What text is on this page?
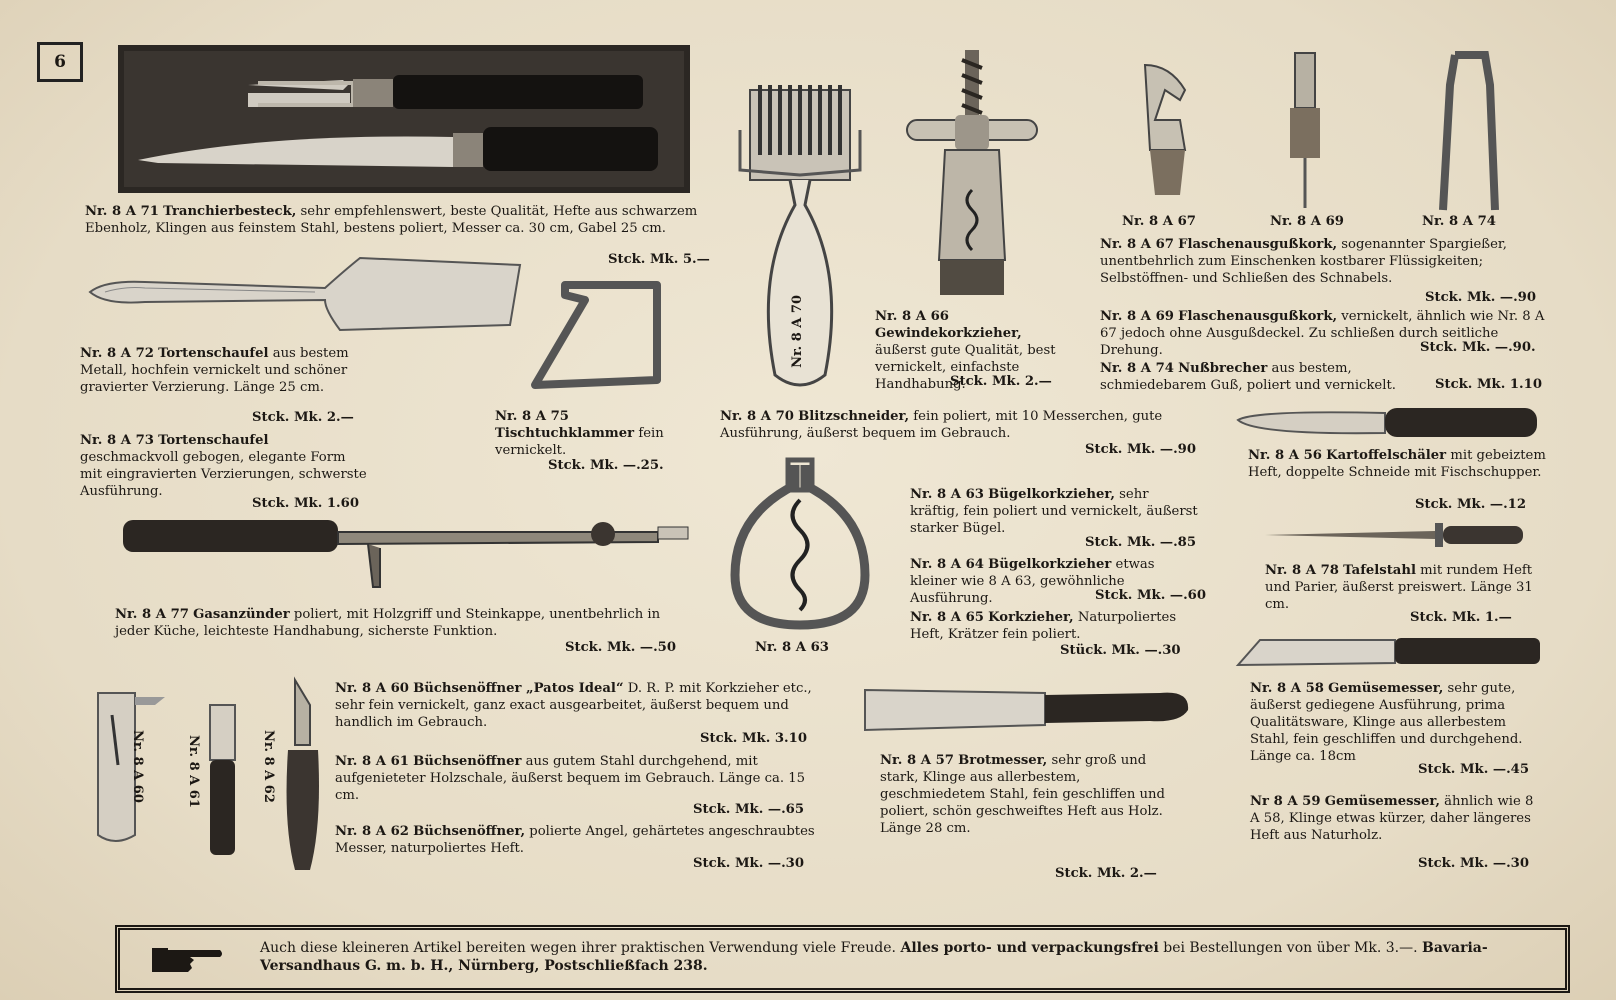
6
Nr. 8 A 70
Nr. 8 A 67	Nr. 8 A 69	Nr. 8 A 74
Nr. 8 A 63
Nr. 8 A 60	Nr. 8 A 61	Nr. 8 A 62
Nr. 8 A 71 Tranchierbesteck, sehr empfehlenswert, beste Qualität, Hefte aus schwarzem Ebenholz, Klingen aus feinstem Stahl, bestens poliert, Messer ca. 30 cm, Gabel 25 cm.
Stck. Mk. 5.—
Nr. 8 A 72 Tortenschaufel aus bestem Metall, hochfein vernickelt und schöner gravierter Verzierung. Länge 25 cm.
Stck. Mk. 2.—
Nr. 8 A 73 Tortenschaufel geschmackvoll gebogen, elegante Form mit eingravierten Verzierungen, schwerste Ausführung.
Stck. Mk. 1.60
Nr. 8 A 75 Tischtuchklammer fein vernickelt.
Stck. Mk. —.25.
Nr. 8 A 70 Blitzschneider, fein poliert, mit 10 Messerchen, gute Ausführung, äußerst bequem im Gebrauch.
Stck. Mk. —.90
Nr. 8 A 66 Gewindekorkzieher, äußerst gute Qualität, best vernickelt, einfachste Handhabung.
Stck. Mk. 2.—
Nr. 8 A 67 Flaschenausgußkork, sogenannter Spargießer, unentbehrlich zum Einschenken kostbarer Flüssigkeiten; Selbstöffnen- und Schließen des Schnabels.
Stck. Mk. —.90
Nr. 8 A 69 Flaschenausgußkork, vernickelt, ähnlich wie Nr. 8 A 67 jedoch ohne Ausgußdeckel. Zu schließen durch seitliche Drehung.	Stck. Mk. —.90.
Nr. 8 A 74 Nußbrecher aus bestem, schmiedebarem Guß, poliert und vernickelt.	Stck. Mk. 1.10
Nr. 8 A 56 Kartoffelschäler mit gebeiztem Heft, doppelte Schneide mit Fischschupper.
Stck. Mk. —.12
Nr. 8 A 63 Bügelkorkzieher, sehr kräftig, fein poliert und vernickelt, äußerst starker Bügel.
Stck. Mk. —.85
Nr. 8 A 64 Bügelkorkzieher etwas kleiner wie 8 A 63, gewöhnliche Ausführung.	Stck. Mk. —.60
Nr. 8 A 65 Korkzieher, Naturpoliertes Heft, Krätzer fein poliert.
Stück. Mk. —.30
Nr. 8 A 77 Gasanzünder poliert, mit Holzgriff und Steinkappe, unentbehrlich in jeder Küche, leichteste Handhabung, sicherste Funktion.
Stck. Mk. —.50
Nr. 8 A 78 Tafelstahl mit rundem Heft und Parier, äußerst preiswert. Länge 31 cm.
Stck. Mk. 1.—
Nr. 8 A 60 Büchsenöffner „Patos Ideal“ D. R. P. mit Korkzieher etc., sehr fein vernickelt, ganz exact ausgearbeitet, äußerst bequem und handlich im Gebrauch.
Stck. Mk. 3.10
Nr. 8 A 61 Büchsenöffner aus gutem Stahl durchgehend, mit aufgenieteter Holzschale, äußerst bequem im Gebrauch. Länge ca. 15 cm.
Stck. Mk. —.65
Nr. 8 A 62 Büchsenöffner, polierte Angel, gehärtetes angeschraubtes Messer, naturpoliertes Heft.
Stck. Mk. —.30
Nr. 8 A 57 Brotmesser, sehr groß und stark, Klinge aus allerbestem, geschmiedetem Stahl, fein geschliffen und poliert, schön geschweiftes Heft aus Holz. Länge 28 cm.
Stck. Mk. 2.—
Nr. 8 A 58 Gemüsemesser, sehr gute, äußerst gediegene Ausführung, prima Qualitätsware, Klinge aus allerbestem Stahl, fein geschliffen und durchgehend. Länge ca. 18cm
Stck. Mk. —.45
Nr 8 A 59 Gemüsemesser, ähnlich wie 8 A 58, Klinge etwas kürzer, daher längeres Heft aus Naturholz.
Stck. Mk. —.30
Auch diese kleineren Artikel bereiten wegen ihrer praktischen Verwendung viele Freude. Alles porto- und verpackungsfrei bei Bestellungen von über Mk. 3.—. Bavaria-Versandhaus G. m. b. H., Nürnberg, Postschließfach 238.
